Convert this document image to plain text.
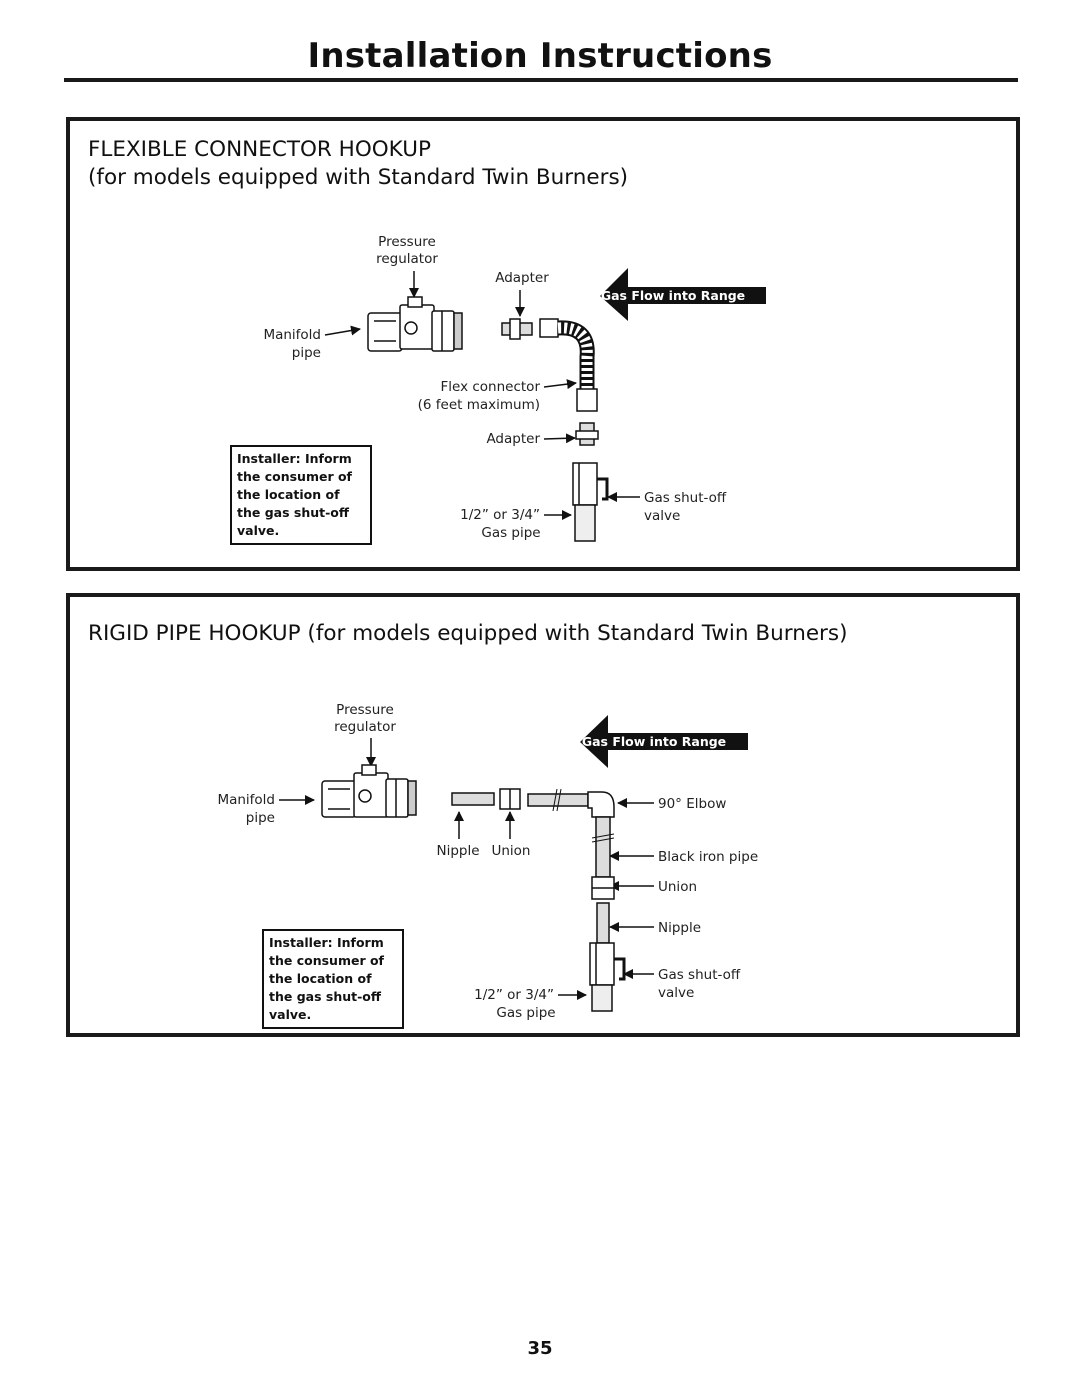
Installation Instructions
FLEXIBLE CONNECTOR HOOKUP
(for models equipped with Standard Twin Burners)
Pressure
regulator
Adapter
Manifold
pipe
Flex connector
(6 feet maximum)
Adapter
Gas shut-off
valve
1/2” or 3/4”
Gas pipe
Gas Flow into Range
Installer: Inform the consumer of the location of the gas shut-off valve.
RIGID PIPE HOOKUP (for models equipped with Standard Twin Burners)
Pressure
regulator
Manifold
pipe
Nipple Union
90° Elbow
Black iron pipe
Union
Nipple
Gas shut-off
valve
1/2” or 3/4”
Gas pipe
Gas Flow into Range
Installer: Inform the consumer of the location of the gas shut-off valve.
35
